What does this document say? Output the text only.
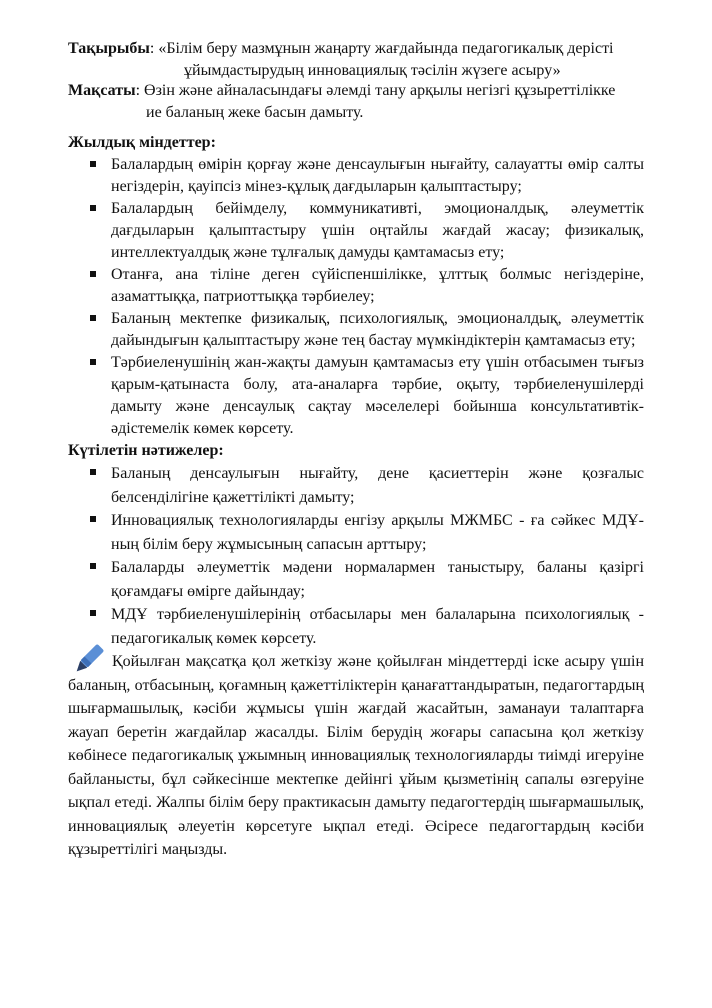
Тақырыбы: «Білім беру мазмұнын жаңарту жағдайында педагогикалық дерісті
ұйымдастырудың инновациялық тәсілін жүзеге асыру»
Мақсаты: Өзін және айналасындағы әлемді тану арқылы негізгі құзыреттілікке
ие баланың жеке басын дамыту.
Жылдық міндеттер:
Балалардың өмірін қорғау және денсаулығын нығайту, салауатты өмір салты негіздерін, қауіпсіз мінез-құлық дағдыларын қалыптастыру;
Балалардың бейімделу, коммуникативті, эмоционалдық, әлеуметтік дағдыларын қалыптастыру үшін оңтайлы жағдай жасау; физикалық, интеллектуалдық және тұлғалық дамуды қамтамасыз ету;
Отанға, ана тіліне деген сүйіспеншілікке, ұлттық болмыс негіздеріне, азаматтыққа, патриоттыққа тәрбиелеу;
Баланың мектепке физикалық, психологиялық, эмоционалдық, әлеуметтік дайындығын қалыптастыру және тең бастау мүмкіндіктерін қамтамасыз ету;
Тәрбиеленушінің жан-жақты дамуын қамтамасыз ету үшін отбасымен тығыз қарым-қатынаста болу, ата-аналарға тәрбие, оқыту, тәрбиеленушілерді дамыту және денсаулық сақтау мәселелері бойынша консультативтік-әдістемелік көмек көрсету.
Күтілетін нәтижелер:
Баланың денсаулығын нығайту, дене қасиеттерін және қозғалыс белсенділігіне қажеттілікті дамыту;
Инновациялық технологияларды енгізу арқылы МЖМБС - ға сәйкес МДҰ-ның білім беру жұмысының сапасын арттыру;
Балаларды әлеуметтік мәдени нормалармен таныстыру, баланы қазіргі қоғамдағы өмірге дайындау;
МДҰ тәрбиеленушілерінің отбасылары мен балаларына психологиялық - педагогикалық көмек көрсету.
Қойылған мақсатқа қол жеткізу және қойылған міндеттерді іске асыру үшін баланың, отбасының, қоғамның қажеттіліктерін қанағаттандыратын, педагогтардың шығармашылық, кәсіби жұмысы үшін жағдай жасайтын, заманауи талаптарға жауап беретін жағдайлар жасалды. Білім берудің жоғары сапасына қол жеткізу көбінесе педагогикалық ұжымның инновациялық технологияларды тиімді игеруіне байланысты, бұл сәйкесінше мектепке дейінгі ұйым қызметінің сапалы өзгеруіне ықпал етеді. Жалпы білім беру практикасын дамыту педагогтердің шығармашылық, инновациялық әлеуетін көрсетуге ықпал етеді. Әсіресе педагогтардың кәсіби құзыреттілігі маңызды.
